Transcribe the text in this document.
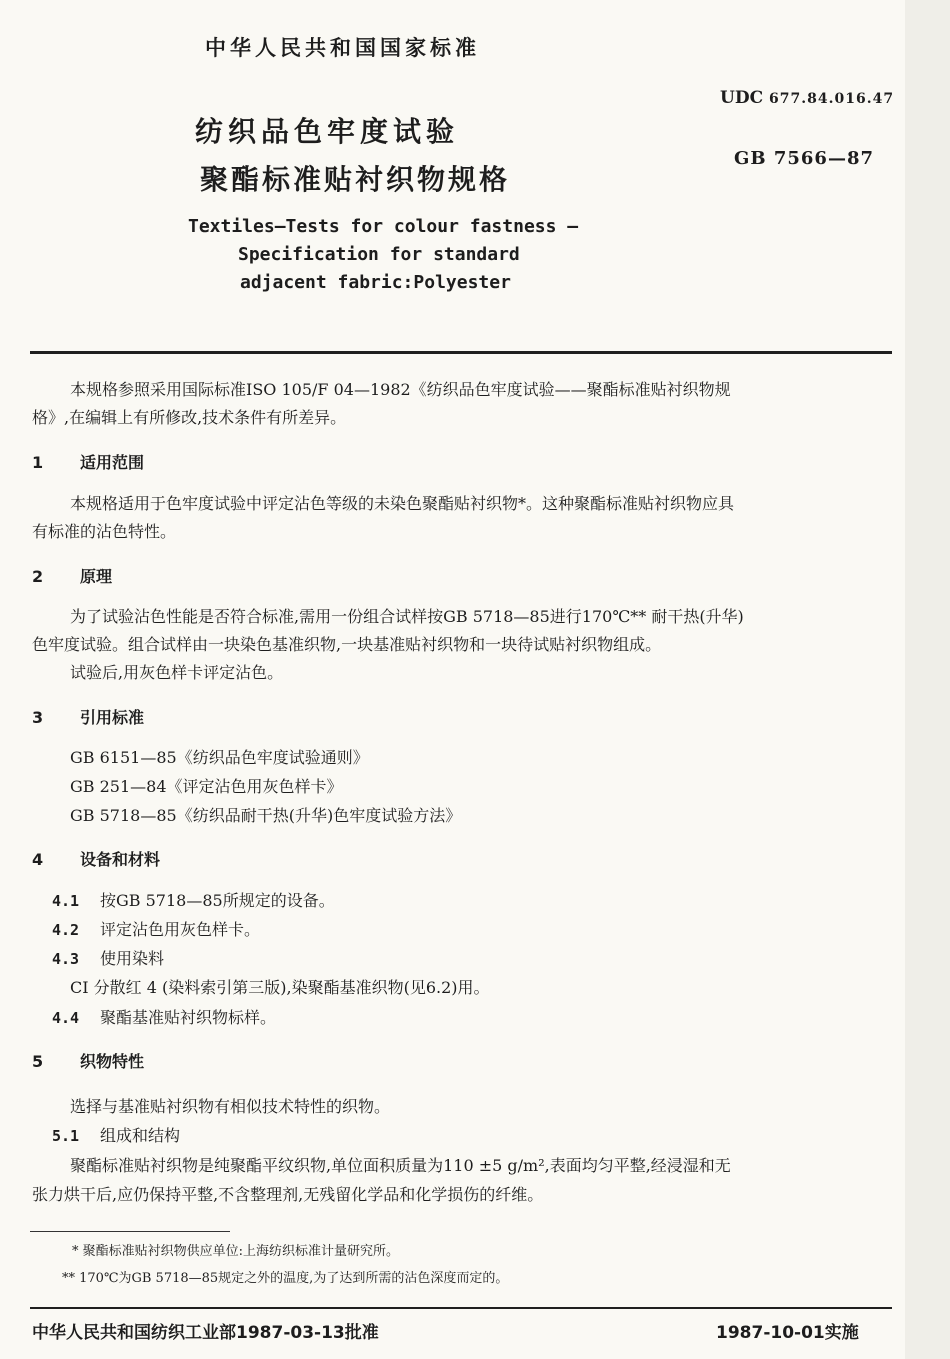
中华人民共和国国家标准
UDC 677.84.016.47
GB 7566—87
纺织品色牢度试验
聚酯标准贴衬织物规格
Textiles—Tests for colour fastness —
Specification for standard
adjacent fabric:Polyester
本规格参照采用国际标准ISO 105/F 04—1982《纺织品色牢度试验——聚酯标准贴衬织物规
格》,在编辑上有所修改,技术条件有所差异。
1 适用范围
本规格适用于色牢度试验中评定沾色等级的未染色聚酯贴衬织物*。这种聚酯标准贴衬织物应具
有标准的沾色特性。
2 原理
为了试验沾色性能是否符合标准,需用一份组合试样按GB 5718—85进行170℃** 耐干热(升华)
色牢度试验。组合试样由一块染色基准织物,一块基准贴衬织物和一块待试贴衬织物组成。
试验后,用灰色样卡评定沾色。
3 引用标准
GB 6151—85《纺织品色牢度试验通则》
GB 251—84《评定沾色用灰色样卡》
GB 5718—85《纺织品耐干热(升华)色牢度试验方法》
4 设备和材料
4.1 按GB 5718—85所规定的设备。
4.2 评定沾色用灰色样卡。
4.3 使用染料
CI 分散红 4 (染料索引第三版),染聚酯基准织物(见6.2)用。
4.4 聚酯基准贴衬织物标样。
5 织物特性
选择与基准贴衬织物有相似技术特性的织物。
5.1 组成和结构
聚酯标准贴衬织物是纯聚酯平纹织物,单位面积质量为110 ±5 g/m²,表面均匀平整,经浸湿和无
张力烘干后,应仍保持平整,不含整理剂,无残留化学品和化学损伤的纤维。
* 聚酯标准贴衬织物供应单位:上海纺织标准计量研究所。
** 170℃为GB 5718—85规定之外的温度,为了达到所需的沾色深度而定的。
中华人民共和国纺织工业部1987-03-13批准	1987-10-01实施
